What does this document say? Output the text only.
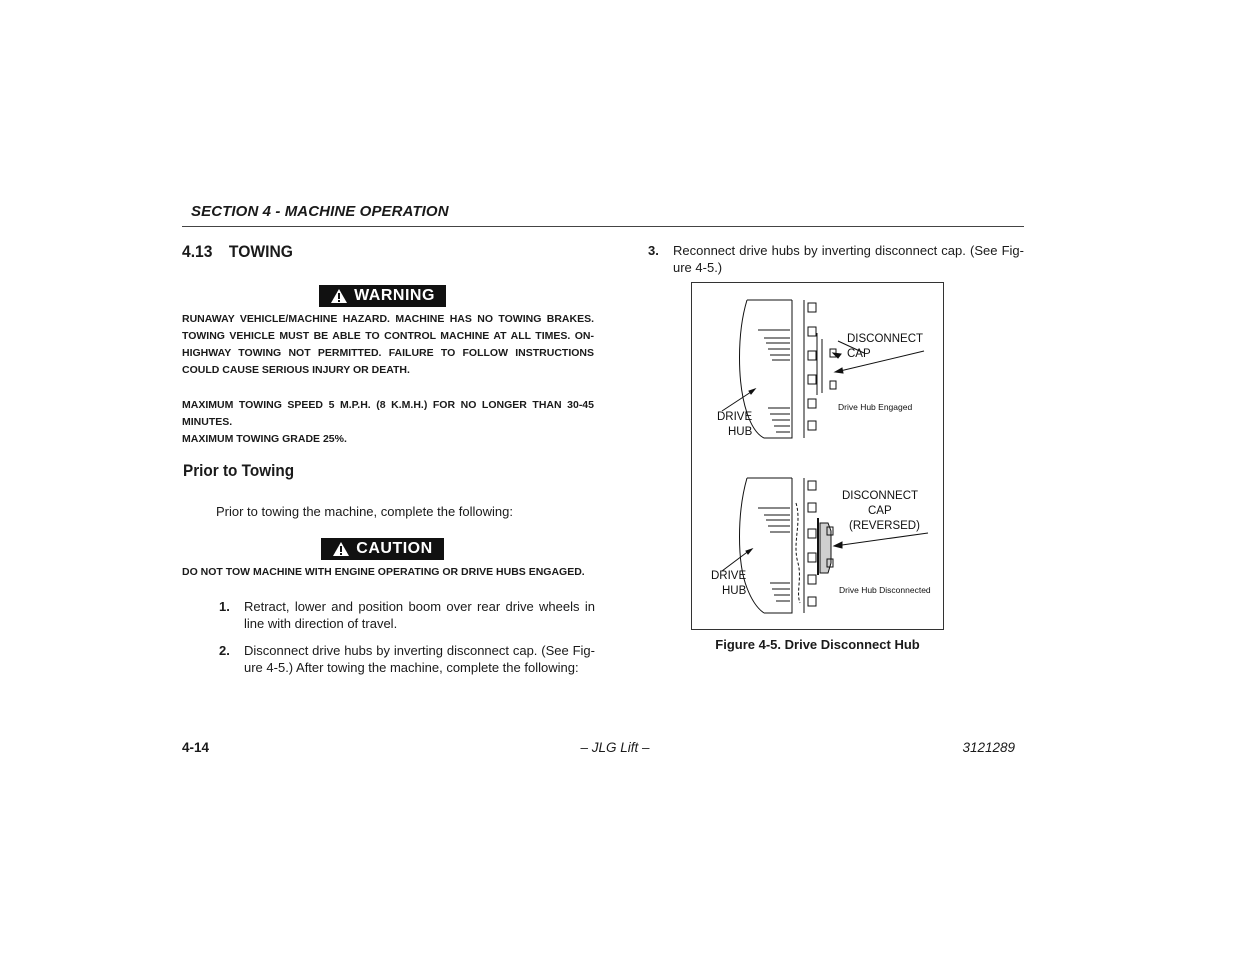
SECTION 4 - MACHINE OPERATION
4.13 TOWING
WARNING
RUNAWAY VEHICLE/MACHINE HAZARD. MACHINE HAS NO TOWING BRAKES. TOWING VEHICLE MUST BE ABLE TO CONTROL MACHINE AT ALL TIMES. ON-HIGHWAY TOWING NOT PERMITTED. FAILURE TO FOLLOW INSTRUCTIONS COULD CAUSE SERIOUS INJURY OR DEATH.
MAXIMUM TOWING SPEED 5 M.P.H. (8 K.M.H.) FOR NO LONGER THAN 30-45 MINUTES.
MAXIMUM TOWING GRADE 25%.
Prior to Towing
Prior to towing the machine, complete the following:
CAUTION
DO NOT TOW MACHINE WITH ENGINE OPERATING OR DRIVE HUBS ENGAGED.
1.	Retract, lower and position boom over rear drive wheels in line with direction of travel.
2.	Disconnect drive hubs by inverting disconnect cap. (See Fig-ure 4-5.) After towing the machine, complete the following:
3.	Reconnect drive hubs by inverting disconnect cap. (See Fig-ure 4-5.)
DISCONNECT
CAP
DRIVE
HUB
Drive Hub Engaged
DISCONNECT
CAP
(REVERSED)
DRIVE
HUB	Drive Hub Disconnected
Figure 4-5. Drive Disconnect Hub
4-14	– JLG Lift –	3121289
